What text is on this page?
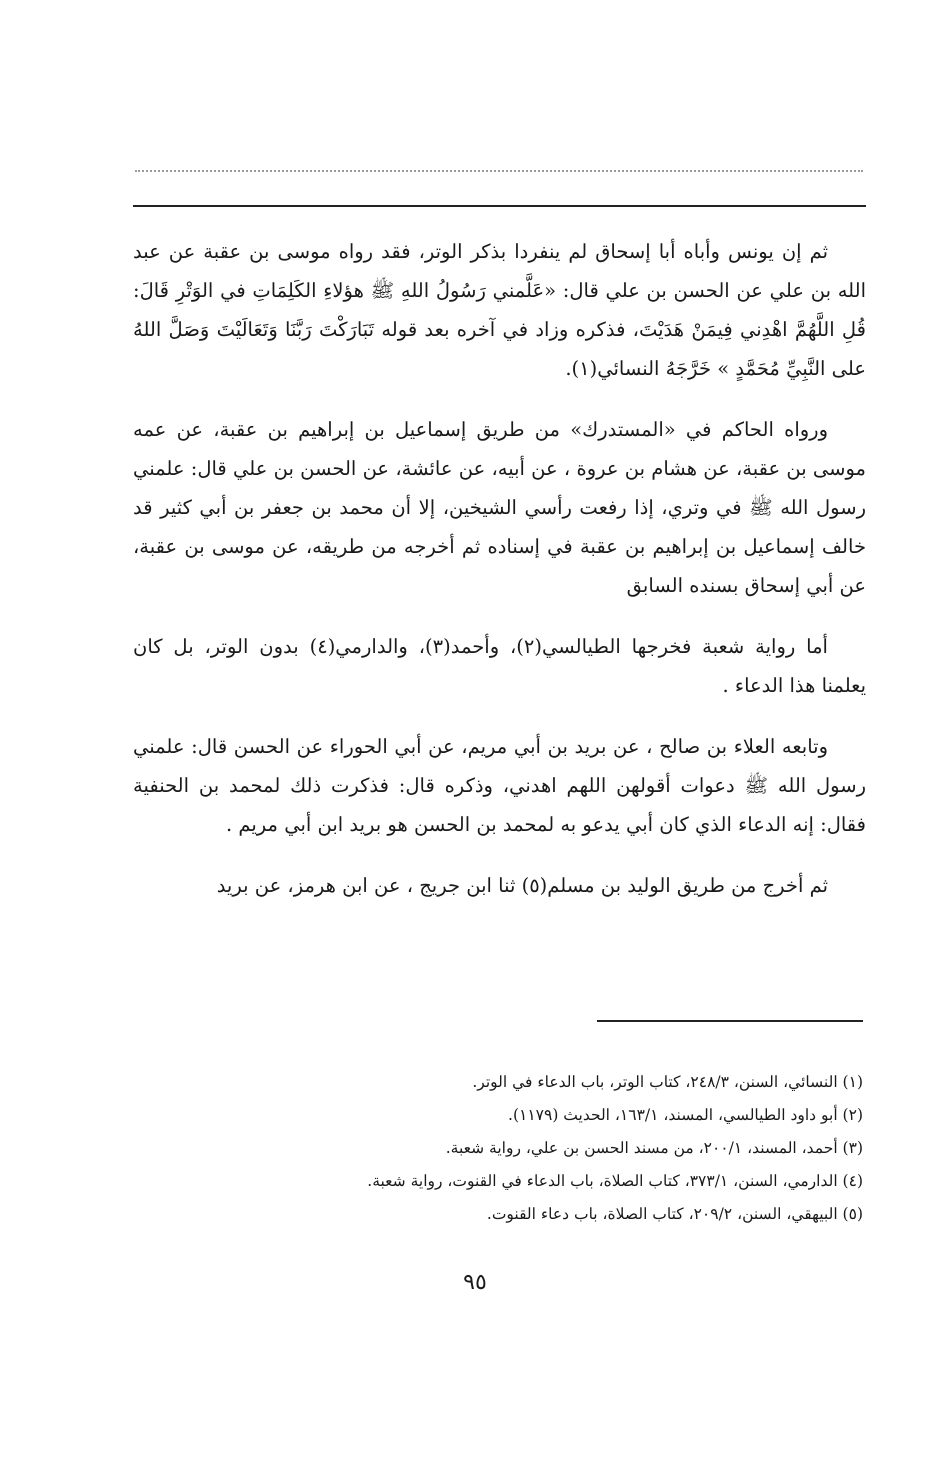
ثم إن يونس وأباه أبا إسحاق لم ينفردا بذكر الوتر، فقد رواه موسى بن عقبة عن عبد الله بن علي عن الحسن بن علي قال: «عَلَّمني رَسُولُ اللهِ ﷺ هؤلاءِ الكَلِمَاتِ في الوَتْرِ قَالَ: قُلِ اللَّهُمَّ اهْدِني فِيمَنْ هَدَيْتَ، فذكره وزاد في آخره بعد قوله تَبَارَكْتَ رَبَّنَا وَتَعَالَيْتَ وَصَلَّ اللهُ على النَّبِيِّ مُحَمَّدٍ » خَرَّجَهُ النسائي(١).

ورواه الحاكم في «المستدرك» من طريق إسماعيل بن إبراهيم بن عقبة، عن عمه موسى بن عقبة، عن هشام بن عروة ، عن أبيه، عن عائشة، عن الحسن بن علي قال: علمني رسول الله ﷺ في وتري، إذا رفعت رأسي الشيخين، إلا أن محمد بن جعفر بن أبي كثير قد خالف إسماعيل بن إبراهيم بن عقبة في إسناده ثم أخرجه من طريقه، عن موسى بن عقبة، عن أبي إسحاق بسنده السابق

أما رواية شعبة فخرجها الطيالسي(٢)، وأحمد(٣)، والدارمي(٤) بدون الوتر، بل كان يعلمنا هذا الدعاء .

وتابعه العلاء بن صالح ، عن بريد بن أبي مريم، عن أبي الحوراء عن الحسن قال: علمني رسول الله ﷺ دعوات أقولهن اللهم اهدني، وذكره قال: فذكرت ذلك لمحمد بن الحنفية فقال: إنه الدعاء الذي كان أبي يدعو به لمحمد بن الحسن هو بريد ابن أبي مريم .

ثم أخرج من طريق الوليد بن مسلم(٥) ثنا ابن جريج ، عن ابن هرمز، عن بريد

(١) النسائي، السنن، ٢٤٨/٣، كتاب الوتر، باب الدعاء في الوتر.
(٢) أبو داود الطيالسي، المسند، ١٦٣/١، الحديث (١١٧٩).
(٣) أحمد، المسند، ٢٠٠/١، من مسند الحسن بن علي، رواية شعبة.
(٤) الدارمي، السنن، ٣٧٣/١، كتاب الصلاة، باب الدعاء في القنوت، رواية شعبة.
(٥) البيهقي، السنن، ٢٠٩/٢، كتاب الصلاة، باب دعاء القنوت.
٩٥
